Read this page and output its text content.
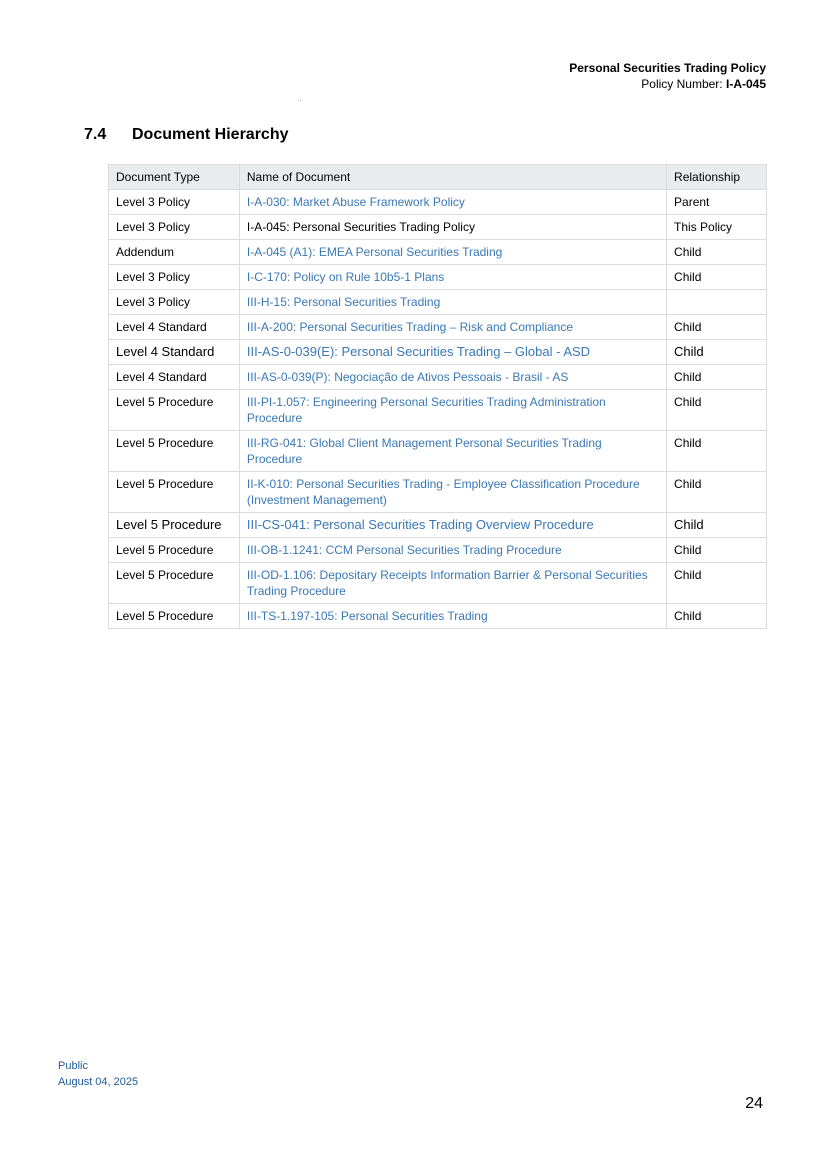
Personal Securities Trading Policy
Policy Number: I-A-045
7.4 Document Hierarchy
Document Type	Name of Document	Relationship
Level 3 Policy	I-A-030: Market Abuse Framework Policy	Parent
Level 3 Policy	I-A-045: Personal Securities Trading Policy	This Policy
Addendum	I-A-045 (A1): EMEA Personal Securities Trading	Child
Level 3 Policy	I-C-170: Policy on Rule 10b5-1 Plans	Child
Level 3 Policy	III-H-15: Personal Securities Trading	
Level 4 Standard	III-A-200: Personal Securities Trading – Risk and Compliance	Child
Level 4 Standard	III-AS-0-039(E): Personal Securities Trading – Global - ASD	Child
Level 4 Standard	III-AS-0-039(P): Negociação de Ativos Pessoais - Brasil - AS	Child
Level 5 Procedure	III-PI-1.057: Engineering Personal Securities Trading Administration Procedure	Child
Level 5 Procedure	III-RG-041: Global Client Management Personal Securities Trading Procedure	Child
Level 5 Procedure	II-K-010: Personal Securities Trading - Employee Classification Procedure (Investment Management)	Child
Level 5 Procedure	III-CS-041: Personal Securities Trading Overview Procedure	Child
Level 5 Procedure	III-OB-1.1241: CCM Personal Securities Trading Procedure	Child
Level 5 Procedure	III-OD-1.106: Depositary Receipts Information Barrier & Personal Securities Trading Procedure	Child
Level 5 Procedure	III-TS-1.197-105: Personal Securities Trading	Child
Public
August 04, 2025
24
